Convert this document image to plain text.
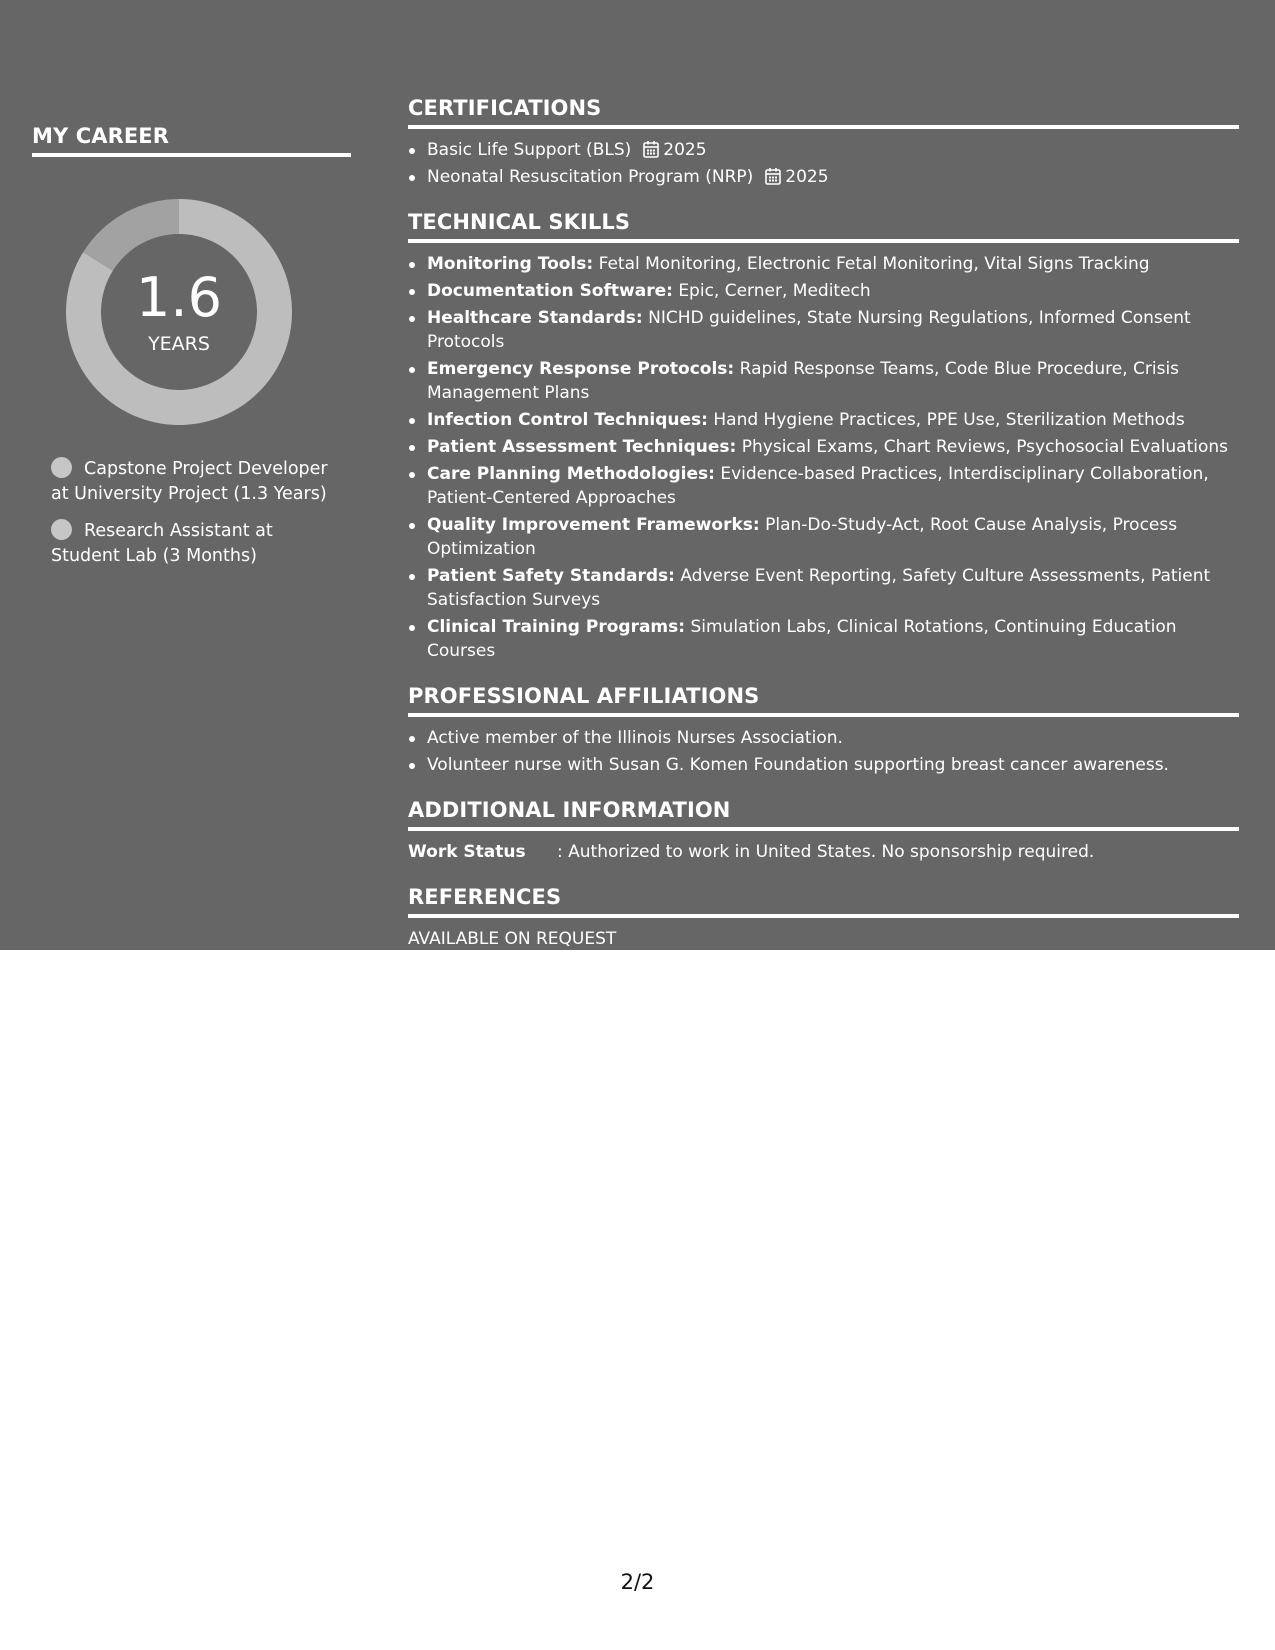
MY CAREER
1.6
YEARS
Capstone Project Developer at University Project (1.3 Years)
Research Assistant at Student Lab (3 Months)
CERTIFICATIONS
Basic Life Support (BLS) 2025
Neonatal Resuscitation Program (NRP) 2025
TECHNICAL SKILLS
Monitoring Tools: Fetal Monitoring, Electronic Fetal Monitoring, Vital Signs Tracking
Documentation Software: Epic, Cerner, Meditech
Healthcare Standards: NICHD guidelines, State Nursing Regulations, Informed Consent Protocols
Emergency Response Protocols: Rapid Response Teams, Code Blue Procedure, Crisis Management Plans
Infection Control Techniques: Hand Hygiene Practices, PPE Use, Sterilization Methods
Patient Assessment Techniques: Physical Exams, Chart Reviews, Psychosocial Evaluations
Care Planning Methodologies: Evidence-based Practices, Interdisciplinary Collaboration, Patient-Centered Approaches
Quality Improvement Frameworks: Plan-Do-Study-Act, Root Cause Analysis, Process Optimization
Patient Safety Standards: Adverse Event Reporting, Safety Culture Assessments, Patient Satisfaction Surveys
Clinical Training Programs: Simulation Labs, Clinical Rotations, Continuing Education Courses
PROFESSIONAL AFFILIATIONS
Active member of the Illinois Nurses Association.
Volunteer nurse with Susan G. Komen Foundation supporting breast cancer awareness.
ADDITIONAL INFORMATION
Work Status	: Authorized to work in United States. No sponsorship required.
REFERENCES
AVAILABLE ON REQUEST
2/2
